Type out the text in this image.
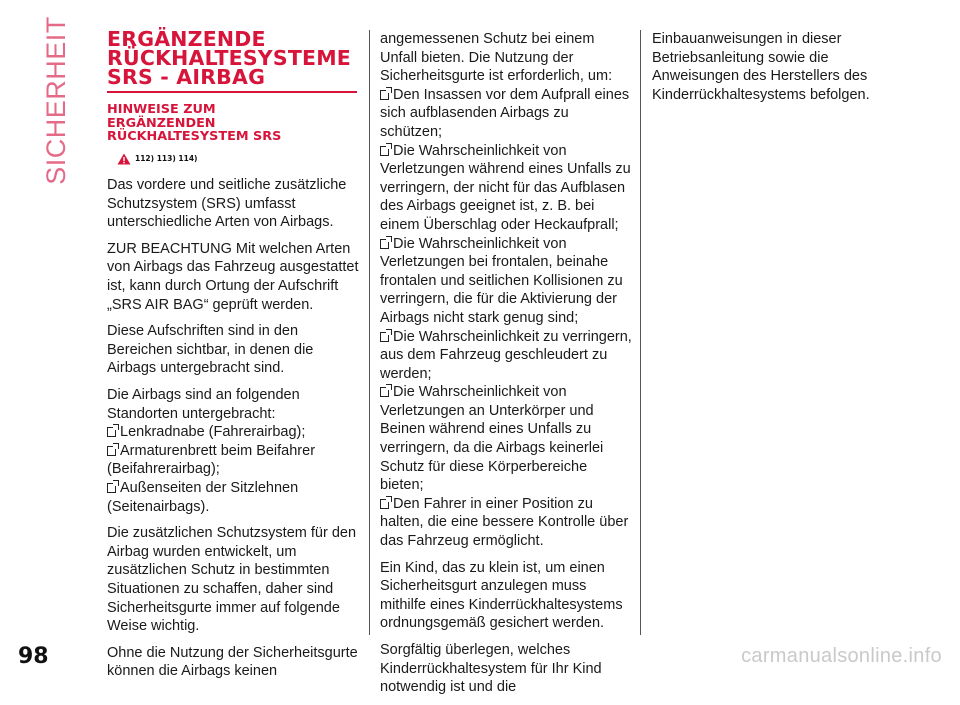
SICHERHEIT ERGÄNZENDE
RÜCKHALTESYSTEME
SRS - AIRBAG
HINWEISE ZUM
ERGÄNZENDEN
RÜCKHALTESYSTEM SRS
112) 113) 114)

Das vordere und seitliche zusätzliche Schutzsystem (SRS) umfasst unterschiedliche Arten von Airbags.

ZUR BEACHTUNG Mit welchen Arten von Airbags das Fahrzeug ausgestattet ist, kann durch Ortung der Aufschrift „SRS AIR BAG“ geprüft werden.

Diese Aufschriften sind in den Bereichen sichtbar, in denen die Airbags untergebracht sind.

Die Airbags sind an folgenden Standorten untergebracht:

Lenkradnabe (Fahrerairbag);
Armaturenbrett beim Beifahrer (Beifahrerairbag);
Außenseiten der Sitzlehnen (Seitenairbags).

Die zusätzlichen Schutzsystem für den Airbag wurden entwickelt, um zusätzlichen Schutz in bestimmten Situationen zu schaffen, daher sind Sicherheitsgurte immer auf folgende Weise wichtig.

Ohne die Nutzung der Sicherheitsgurte können die Airbags keinen

angemessenen Schutz bei einem Unfall bieten. Die Nutzung der Sicherheitsgurte ist erforderlich, um:

Den Insassen vor dem Aufprall eines sich aufblasenden Airbags zu schützen;
Die Wahrscheinlichkeit von Verletzungen während eines Unfalls zu verringern, der nicht für das Aufblasen des Airbags geeignet ist, z. B. bei einem Überschlag oder Heckaufprall;
Die Wahrscheinlichkeit von Verletzungen bei frontalen, beinahe frontalen und seitlichen Kollisionen zu verringern, die für die Aktivierung der Airbags nicht stark genug sind;
Die Wahrscheinlichkeit zu verringern, aus dem Fahrzeug geschleudert zu werden;
Die Wahrscheinlichkeit von Verletzungen an Unterkörper und Beinen während eines Unfalls zu verringern, da die Airbags keinerlei Schutz für diese Körperbereiche bieten;
Den Fahrer in einer Position zu halten, die eine bessere Kontrolle über das Fahrzeug ermöglicht.

Ein Kind, das zu klein ist, um einen Sicherheitsgurt anzulegen muss mithilfe eines Kinderrückhaltesystems ordnungsgemäß gesichert werden.

Sorgfältig überlegen, welches Kinderrückhaltesystem für Ihr Kind notwendig ist und die

Einbauanweisungen in dieser Betriebsanleitung sowie die Anweisungen des Herstellers des Kinderrückhaltesystems befolgen.

98	carmanualsonline.info
